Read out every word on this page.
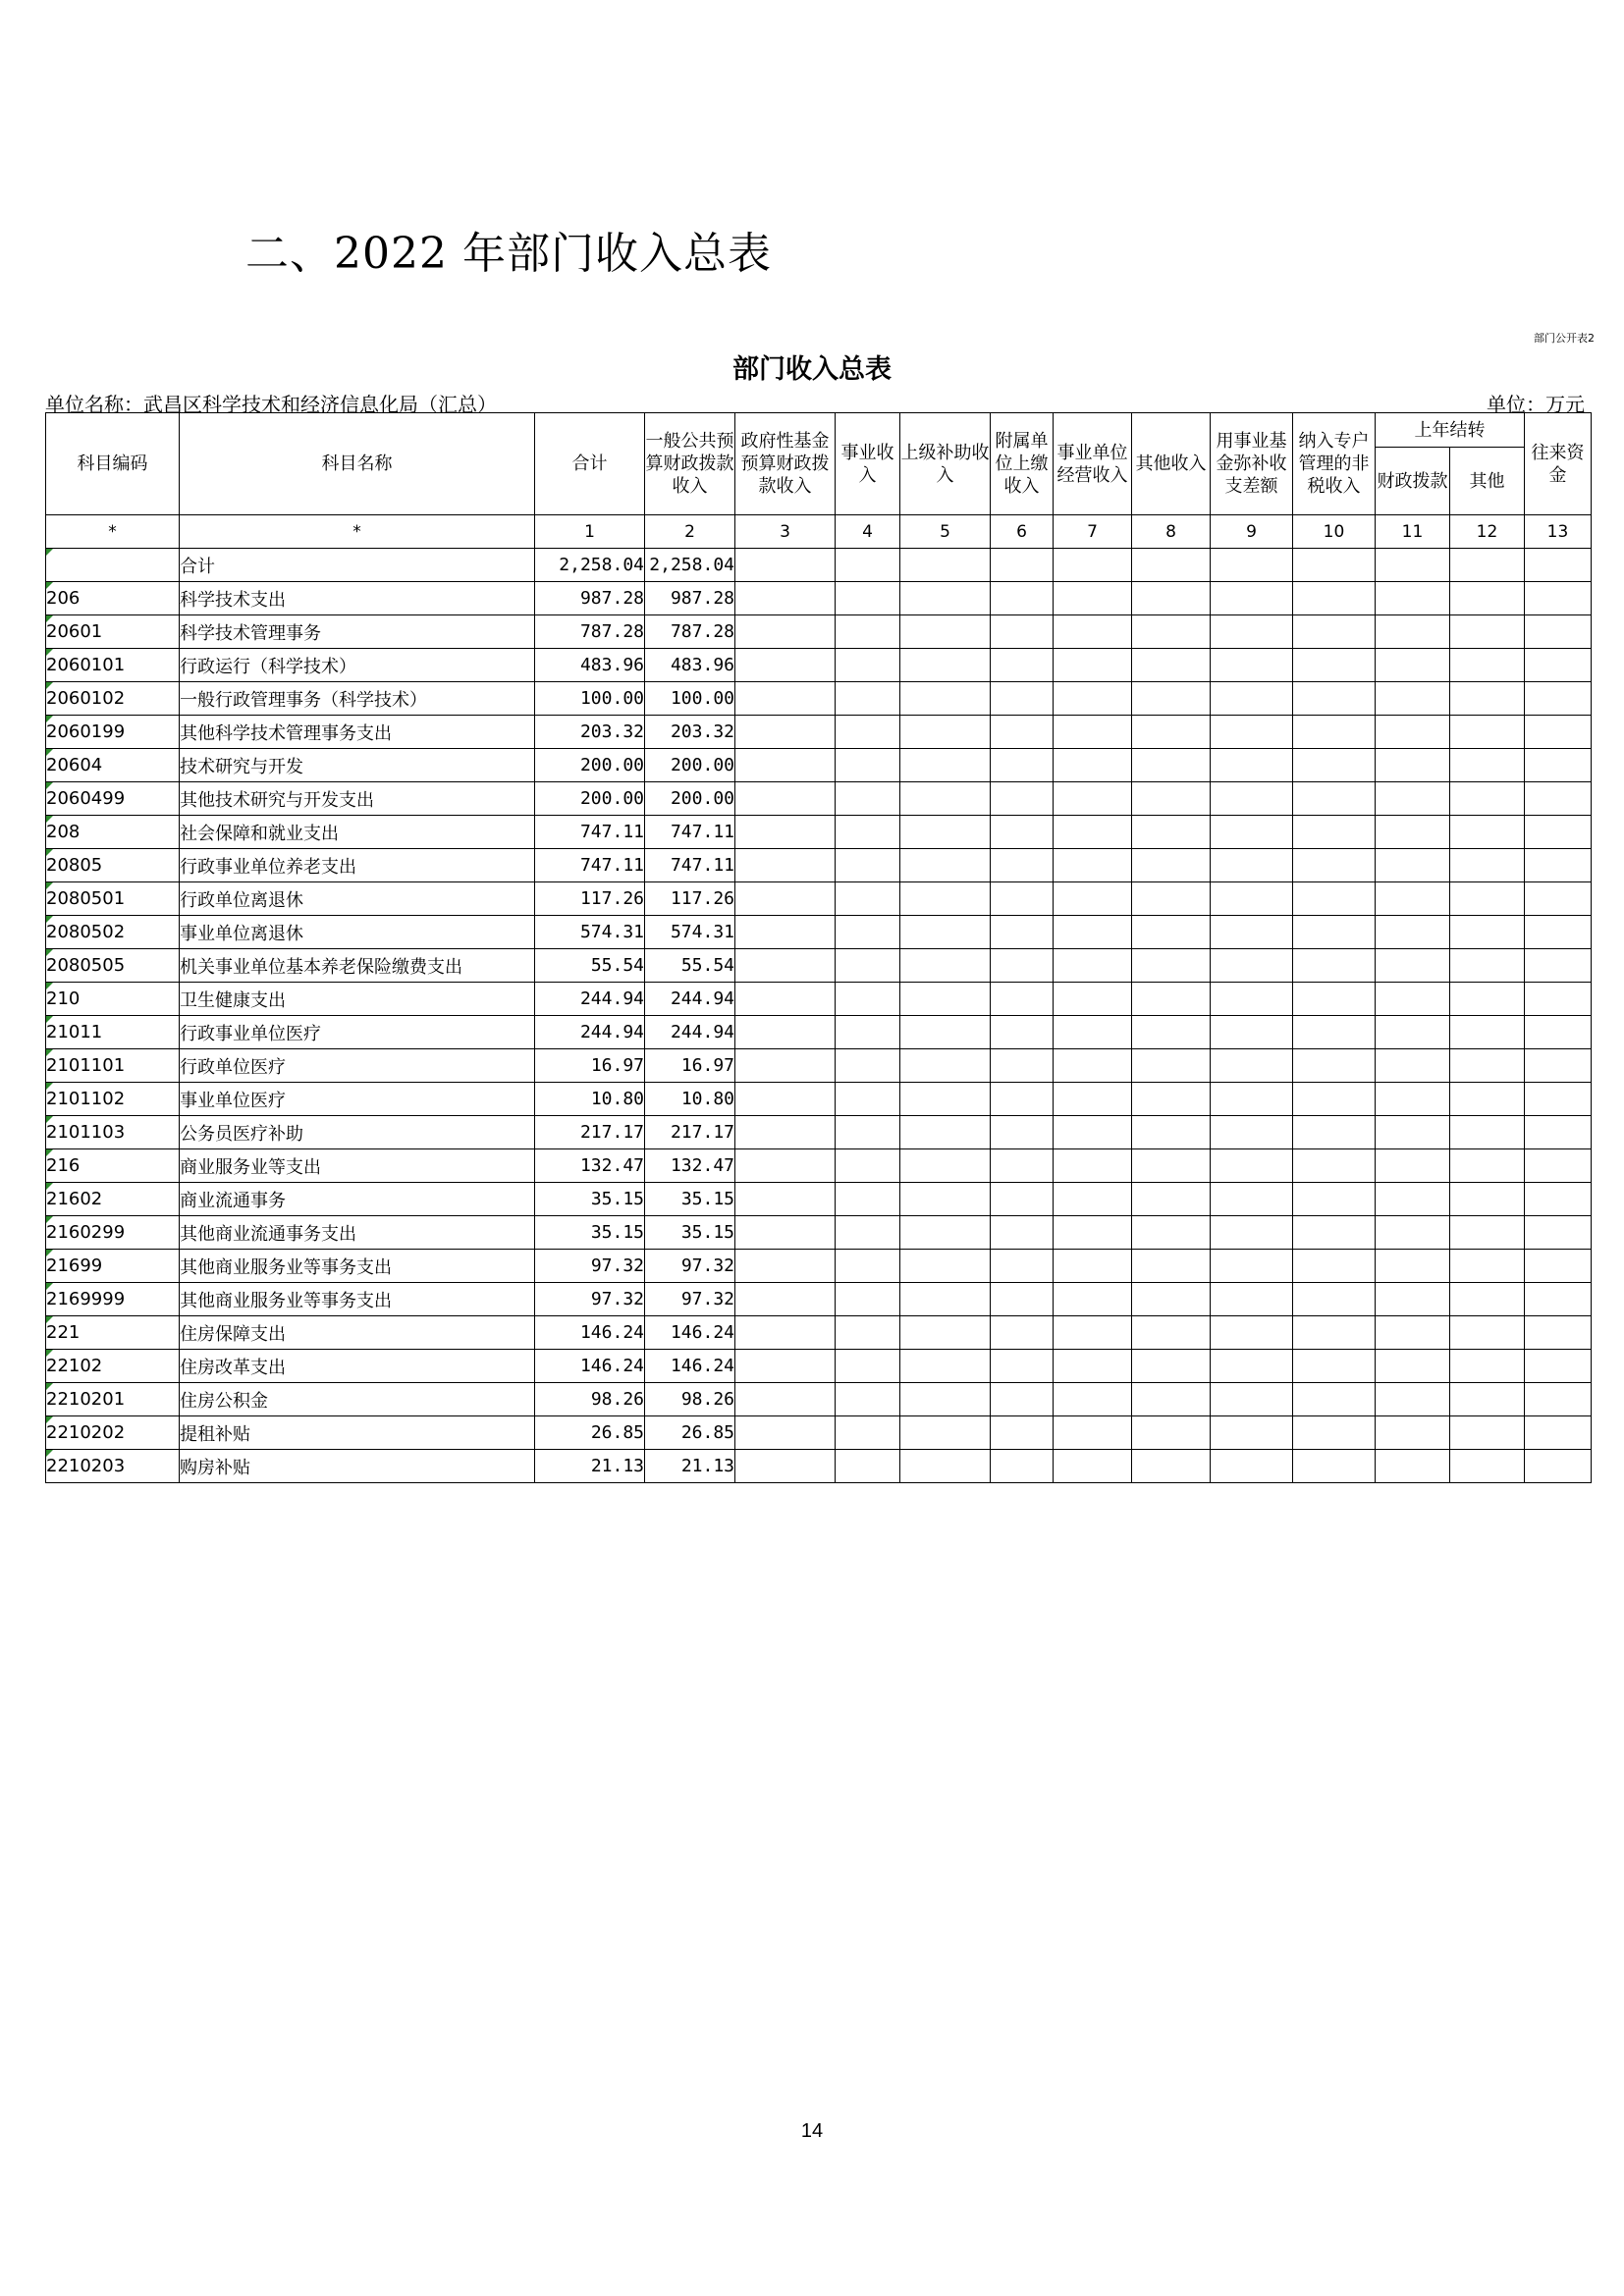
二、2022 年部门收入总表
部门公开表2
部门收入总表
单位名称：武昌区科学技术和经济信息化局（汇总）	单位：万元
科目编码	科目名称	合计	一般公共预算财政拨款收入	政府性基金预算财政拨款收入	事业收入	上级补助收入	附属单位上缴收入	事业单位经营收入	其他收入	用事业基金弥补收支差额	纳入专户管理的非税收入	上年结转		往来资金
												财政拨款	其他	
*	*	1	2	3	4	5	6	7	8	9	10	11	12	13
	合计	2,258.04	2,258.04											
206	科学技术支出	987.28	987.28											
20601	科学技术管理事务	787.28	787.28											
2060101	行政运行（科学技术）	483.96	483.96											
2060102	一般行政管理事务（科学技术）	100.00	100.00											
2060199	其他科学技术管理事务支出	203.32	203.32											
20604	技术研究与开发	200.00	200.00											
2060499	其他技术研究与开发支出	200.00	200.00											
208	社会保障和就业支出	747.11	747.11											
20805	行政事业单位养老支出	747.11	747.11											
2080501	行政单位离退休	117.26	117.26											
2080502	事业单位离退休	574.31	574.31											
2080505	机关事业单位基本养老保险缴费支出	55.54	55.54											
210	卫生健康支出	244.94	244.94											
21011	行政事业单位医疗	244.94	244.94											
2101101	行政单位医疗	16.97	16.97											
2101102	事业单位医疗	10.80	10.80											
2101103	公务员医疗补助	217.17	217.17											
216	商业服务业等支出	132.47	132.47											
21602	商业流通事务	35.15	35.15											
2160299	其他商业流通事务支出	35.15	35.15											
21699	其他商业服务业等事务支出	97.32	97.32											
2169999	其他商业服务业等事务支出	97.32	97.32											
221	住房保障支出	146.24	146.24											
22102	住房改革支出	146.24	146.24											
2210201	住房公积金	98.26	98.26											
2210202	提租补贴	26.85	26.85											
2210203	购房补贴	21.13	21.13											
14
